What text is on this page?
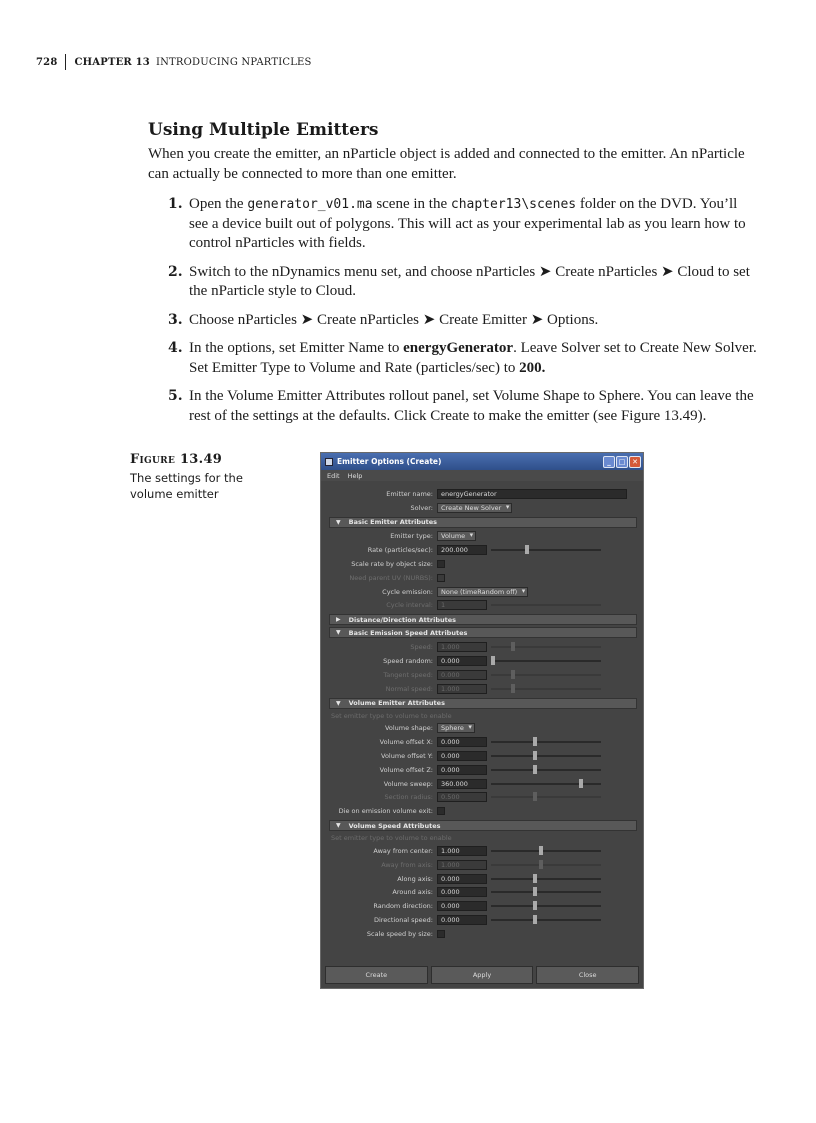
728 CHAPTER 13 INTRODUCING NPARTICLES
Using Multiple Emitters

When you create the emitter, an nParticle object is added and connected to the emitter. An nParticle can actually be connected to more than one emitter.

1. Open the generator_v01.ma scene in the chapter13\scenes folder on the DVD. You’ll see a device built out of polygons. This will act as your experimental lab as you learn how to control nParticles with fields.
2. Switch to the nDynamics menu set, and choose nParticles ➤ Create nParticles ➤ Cloud to set the nParticle style to Cloud.
3. Choose nParticles ➤ Create nParticles ➤ Create Emitter ➤ Options.
4. In the options, set Emitter Name to energyGenerator. Leave Solver set to Create New Solver. Set Emitter Type to Volume and Rate (particles/sec) to 200.
5. In the Volume Emitter Attributes rollout panel, set Volume Shape to Sphere. You can leave the rest of the settings at the defaults. Click Create to make the emitter (see Figure 13.49).
Figure 13.49
The settings for the volume emitter
Emitter Options (Create)	_	□ ✕
Edit Help
Emitter name:	energyGenerator
Solver:	Create New Solver ▾
▼ Basic Emitter Attributes
Emitter type:	Volume ▾
Rate (particles/sec):	200.000
Scale rate by object size:
Need parent UV (NURBS):
Cycle emission:	None (timeRandom off) ▾
Cycle interval:	1
▶ Distance/Direction Attributes
▼ Basic Emission Speed Attributes
Speed:	1.000
Speed random:	0.000
Tangent speed:	0.000
Normal speed:	1.000
▼ Volume Emitter Attributes
Set emitter type to volume to enable
Volume shape:	Sphere ▾
Volume offset X:	0.000
Volume offset Y:	0.000
Volume offset Z:	0.000
Volume sweep:	360.000
Section radius:	0.500
Die on emission volume exit:
▼ Volume Speed Attributes
Set emitter type to volume to enable
Away from center:	1.000
Away from axis:	1.000
Along axis:	0.000
Around axis:	0.000
Random direction:	0.000
Directional speed:	0.000
Scale speed by size:
Create	Apply	Close
